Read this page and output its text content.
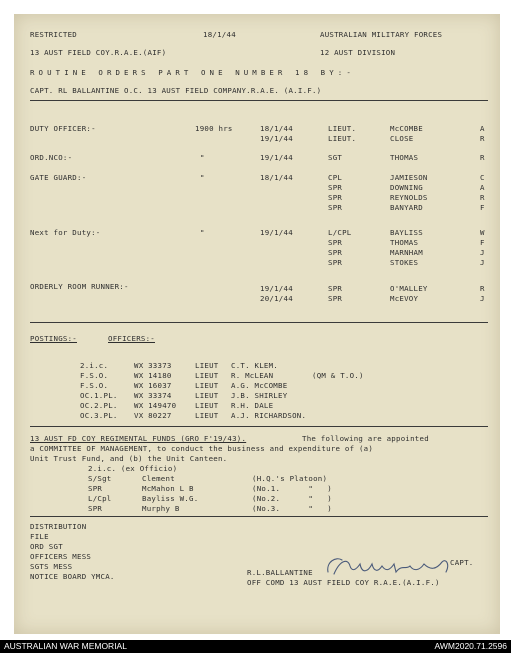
RESTRICTED	18/1/44	AUSTRALIAN MILITARY FORCES
13 AUST FIELD COY.R.A.E.(AIF)	12 AUST DIVISION
ROUTINE ORDERS PART ONE NUMBER 18 BY:-
CAPT. RL BALLANTINE O.C. 13 AUST FIELD COMPANY.R.A.E. (A.I.F.)
DUTY OFFICER:-	1900 hrs	18/1/44	LIEUT.	McCOMBE	A
19/1/44	LIEUT.	CLOSE	R
ORD.NCO:-	"	19/1/44	SGT	THOMAS	R
GATE GUARD:-	"	18/1/44	CPL	JAMIESON	C
SPR	DOWNING	A
SPR	REYNOLDS	R
SPR	BANYARD	F
Next for Duty:-	"	19/1/44	L/CPL	BAYLISS	W
SPR	THOMAS	F
SPR	MARNHAM	J
SPR	STOKES	J
ORDERLY ROOM RUNNER:-	19/1/44	SPR	O'MALLEY	R
20/1/44	SPR	McEVOY	J
POSTINGS:-	OFFICERS:-
2.i.c.	WX 33373	LIEUT C.T. KLEM.
F.S.O.	WX 14180	LIEUT R. McLEAN	(QM & T.O.)
F.S.O.	WX 16037	LIEUT A.G. McCOMBE
OC.1.PL. WX 33374	LIEUT J.B. SHIRLEY
OC.2.PL. WX 149470	LIEUT R.H. DALE
OC.3.PL. VX 80227	LIEUT A.J. RICHARDSON.
13 AUST FD COY REGIMENTAL FUNDS (GRO F'19/43).	The following are appointed
a COMMITTEE OF MANAGEMENT, to conduct the business and expenditure of (a)
Unit Trust Fund, and (b) the Unit Canteen.
2.i.c. (ex Officio)
S/Sgt	Clement	(H.Q.'s Platoon)
SPR	McMahon L B	(No.1.      "   )
L/Cpl	Bayliss W.G.	(No.2.      "   )
SPR	Murphy B	(No.3.      "   )
DISTRIBUTION
FILE
ORD SGT
OFFICERS MESS
SGTS MESS
NOTICE BOARD YMCA.	R.L.BALLANTINE
CAPT.
OFF COMD 13 AUST FIELD COY R.A.E.(A.I.F.)
AUSTRALIAN WAR MEMORIAL	AWM2020.71.2596
